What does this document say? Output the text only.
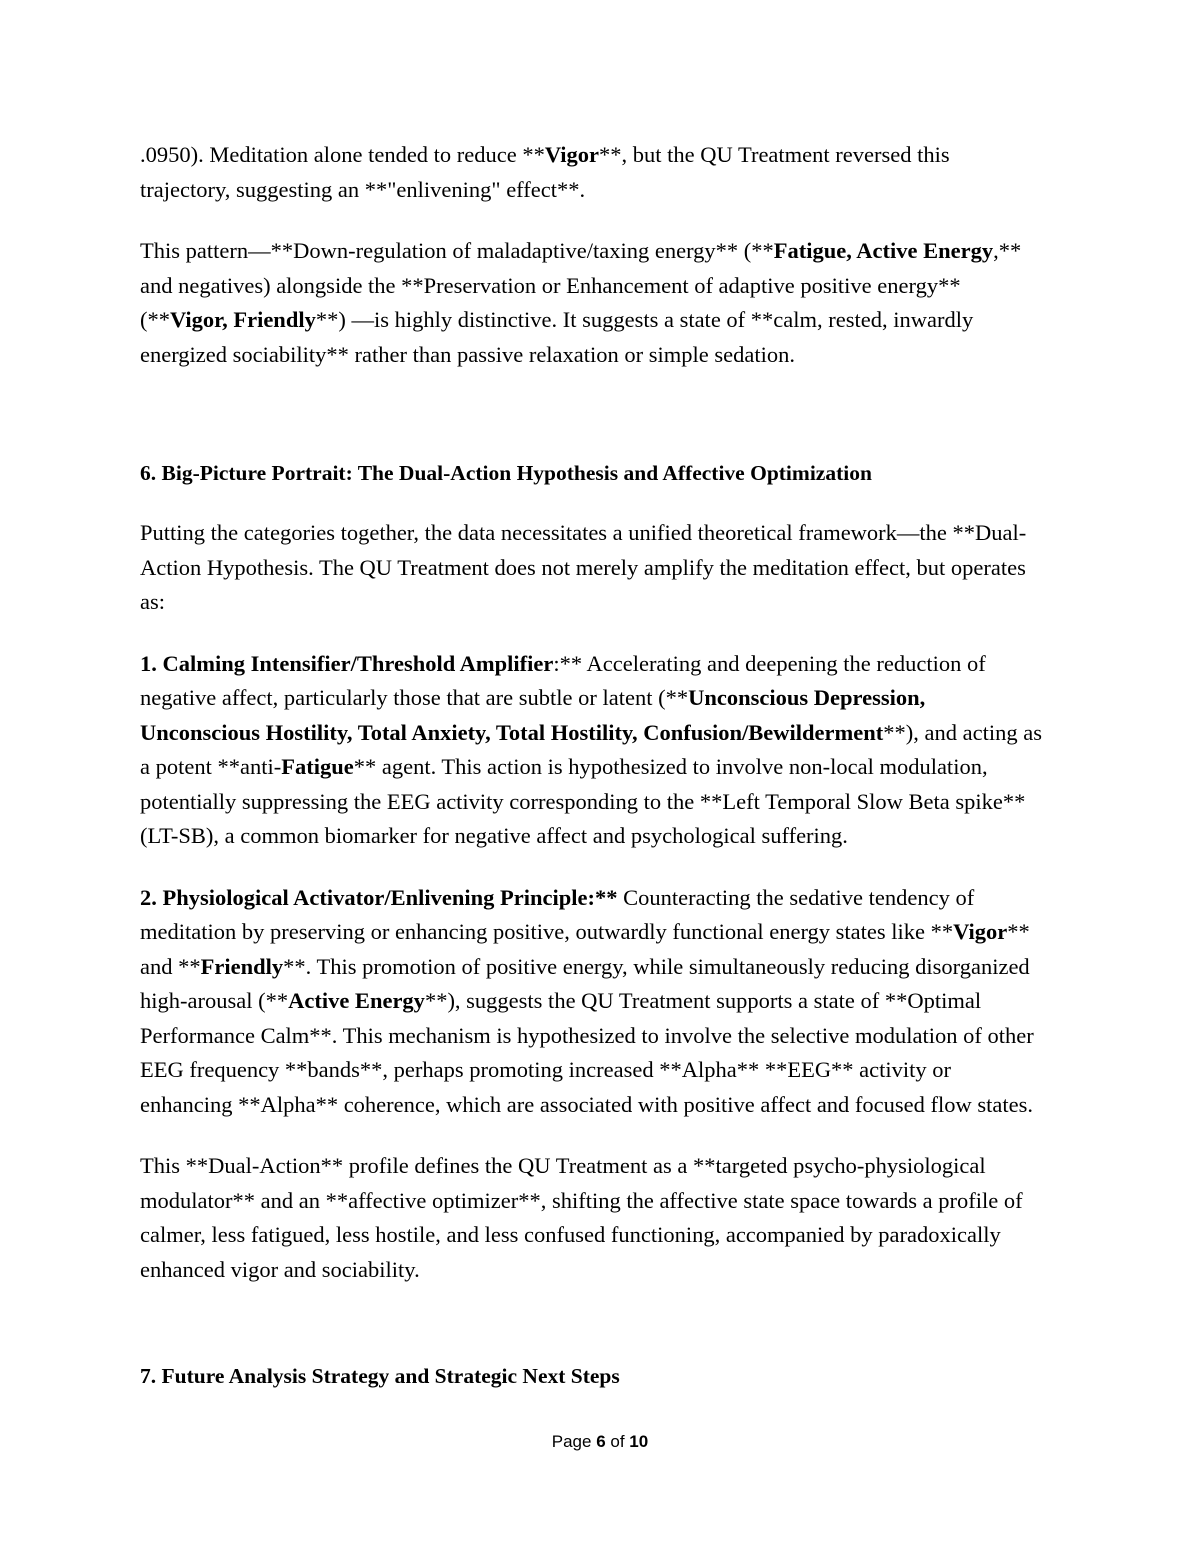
.0950). Meditation alone tended to reduce **Vigor**, but the QU Treatment reversed this trajectory, suggesting an **"enlivening" effect**.

This pattern—**Down-regulation of maladaptive/taxing energy** (**Fatigue, Active Energy,** and negatives) alongside the **Preservation or Enhancement of adaptive positive energy** (**Vigor, Friendly**) —is highly distinctive. It suggests a state of **calm, rested, inwardly energized sociability** rather than passive relaxation or simple sedation.

6. Big-Picture Portrait: The Dual-Action Hypothesis and Affective Optimization

Putting the categories together, the data necessitates a unified theoretical framework—the **Dual-Action Hypothesis. The QU Treatment does not merely amplify the meditation effect, but operates as:

1. Calming Intensifier/Threshold Amplifier:** Accelerating and deepening the reduction of negative affect, particularly those that are subtle or latent (**Unconscious Depression, Unconscious Hostility, Total Anxiety, Total Hostility, Confusion/Bewilderment**), and acting as a potent **anti-Fatigue** agent. This action is hypothesized to involve non-local modulation, potentially suppressing the EEG activity corresponding to the **Left Temporal Slow Beta spike** (LT-SB), a common biomarker for negative affect and psychological suffering.

2. Physiological Activator/Enlivening Principle:** Counteracting the sedative tendency of meditation by preserving or enhancing positive, outwardly functional energy states like **Vigor** and **Friendly**. This promotion of positive energy, while simultaneously reducing disorganized high-arousal (**Active Energy**), suggests the QU Treatment supports a state of **Optimal Performance Calm**. This mechanism is hypothesized to involve the selective modulation of other EEG frequency **bands**, perhaps promoting increased **Alpha** **EEG** activity or enhancing **Alpha** coherence, which are associated with positive affect and focused flow states.

This **Dual-Action** profile defines the QU Treatment as a **targeted psycho-physiological modulator** and an **affective optimizer**, shifting the affective state space towards a profile of calmer, less fatigued, less hostile, and less confused functioning, accompanied by paradoxically enhanced vigor and sociability.

7. Future Analysis Strategy and Strategic Next Steps

Page 6 of 10
